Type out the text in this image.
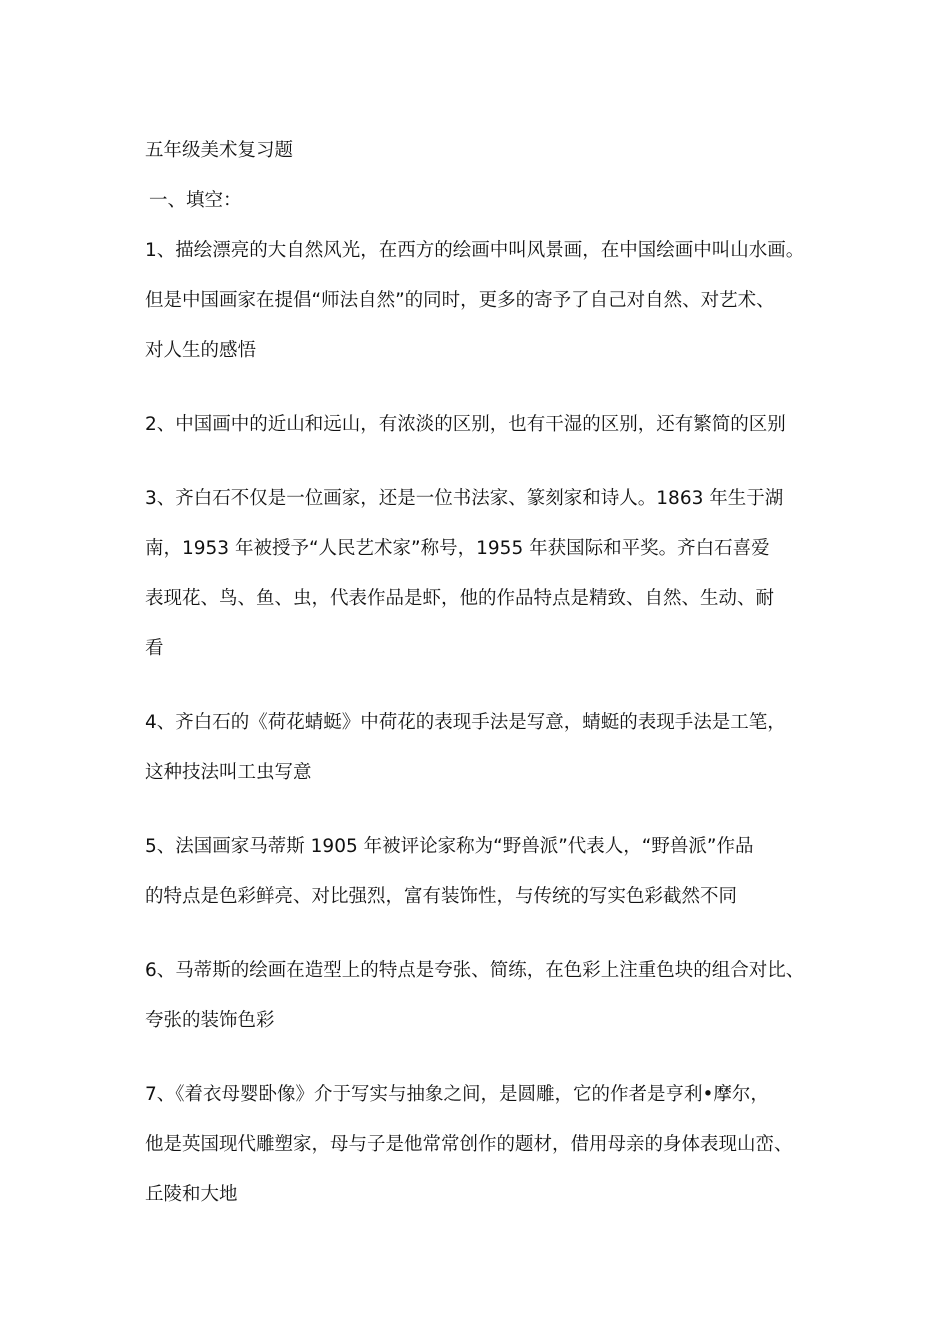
五年级美术复习题
一、填空：
1、描绘漂亮的大自然风光，在西方的绘画中叫风景画，在中国绘画中叫山水画。
但是中国画家在提倡“师法自然”的同时，更多的寄予了自己对自然、对艺术、
对人生的感悟
2、中国画中的近山和远山，有浓淡的区别，也有干湿的区别，还有繁简的区别
3、齐白石不仅是一位画家，还是一位书法家、篆刻家和诗人。1863 年生于湖
南，1953 年被授予“人民艺术家”称号，1955 年获国际和平奖。齐白石喜爱
表现花、鸟、鱼、虫，代表作品是虾，他的作品特点是精致、自然、生动、耐
看
4、齐白石的《荷花蜻蜓》中荷花的表现手法是写意，蜻蜓的表现手法是工笔，
这种技法叫工虫写意
5、法国画家马蒂斯 1905 年被评论家称为“野兽派”代表人，“野兽派”作品
的特点是色彩鲜亮、对比强烈，富有装饰性，与传统的写实色彩截然不同
6、马蒂斯的绘画在造型上的特点是夸张、简练，在色彩上注重色块的组合对比、
夸张的装饰色彩
7、《着衣母婴卧像》介于写实与抽象之间，是圆雕，它的作者是亨利•摩尔，
他是英国现代雕塑家，母与子是他常常创作的题材，借用母亲的身体表现山峦、
丘陵和大地
